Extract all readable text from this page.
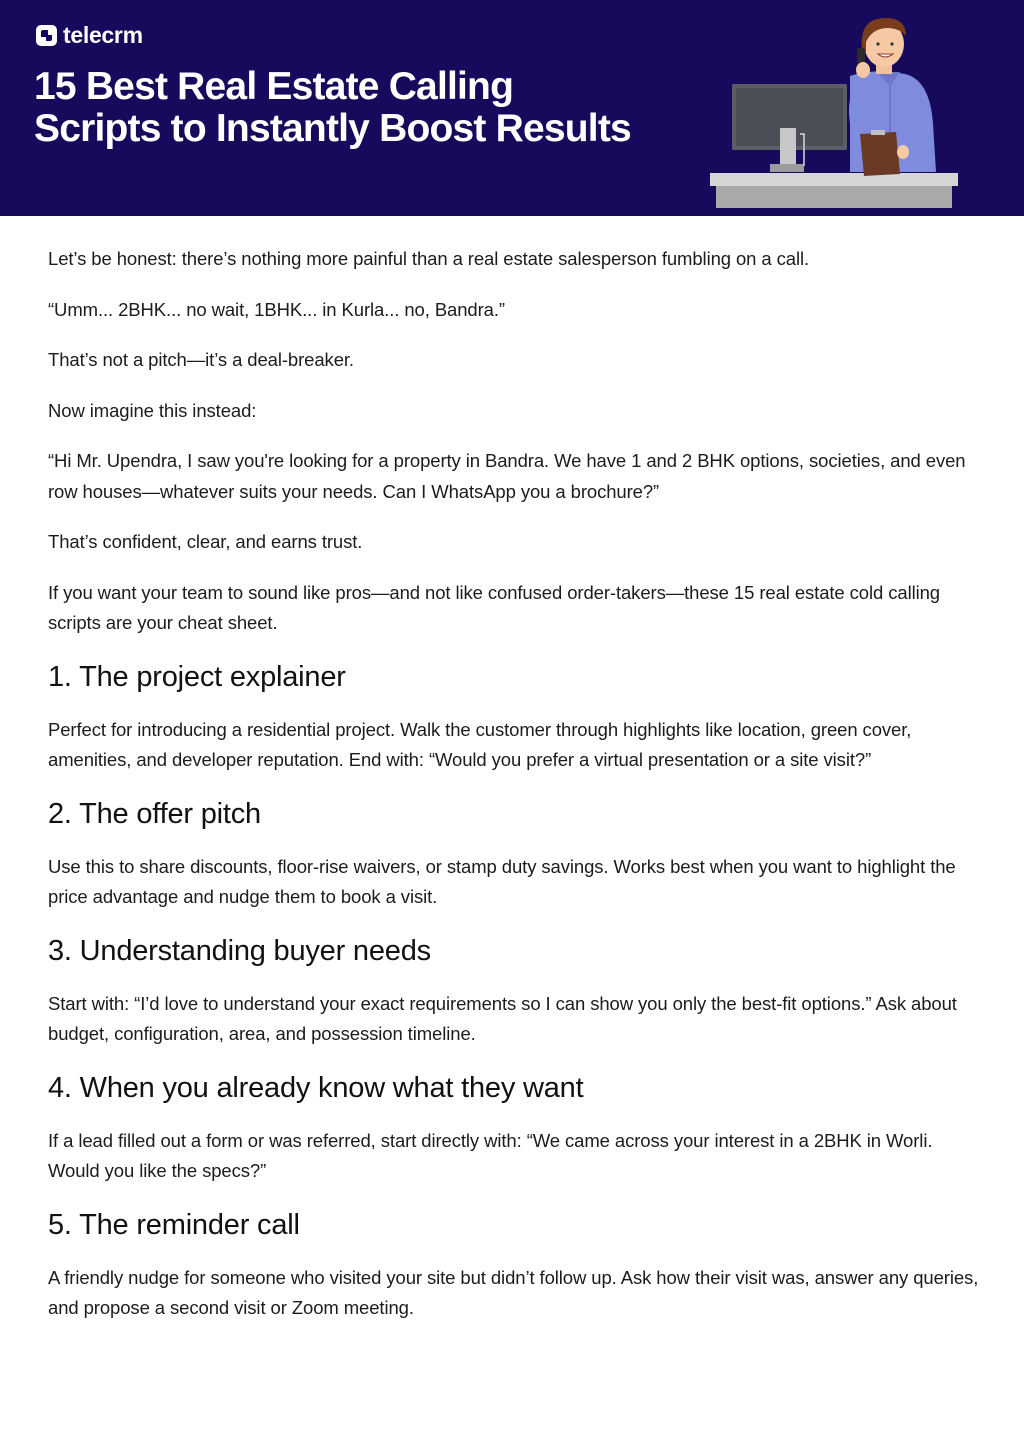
telecrm
15 Best Real Estate Calling
Scripts to Instantly Boost Results

Let’s be honest: there’s nothing more painful than a real estate salesperson fumbling on a call.

“Umm... 2BHK... no wait, 1BHK... in Kurla... no, Bandra.”

That’s not a pitch—it’s a deal-breaker.

Now imagine this instead:

“Hi Mr. Upendra, I saw you're looking for a property in Bandra. We have 1 and 2 BHK options, societies, and even row houses—whatever suits your needs. Can I WhatsApp you a brochure?”

That’s confident, clear, and earns trust.

If you want your team to sound like pros—and not like confused order-takers—these 15 real estate cold calling scripts are your cheat sheet.

1. The project explainer

Perfect for introducing a residential project. Walk the customer through highlights like location, green cover, amenities, and developer reputation. End with: “Would you prefer a virtual presentation or a site visit?”

2. The offer pitch

Use this to share discounts, floor-rise waivers, or stamp duty savings. Works best when you want to highlight the price advantage and nudge them to book a visit.

3. Understanding buyer needs

Start with: “I’d love to understand your exact requirements so I can show you only the best-fit options.” Ask about budget, configuration, area, and possession timeline.

4. When you already know what they want

If a lead filled out a form or was referred, start directly with: “We came across your interest in a 2BHK in Worli. Would you like the specs?”

5. The reminder call

A friendly nudge for someone who visited your site but didn’t follow up. Ask how their visit was, answer any queries, and propose a second visit or Zoom meeting.
